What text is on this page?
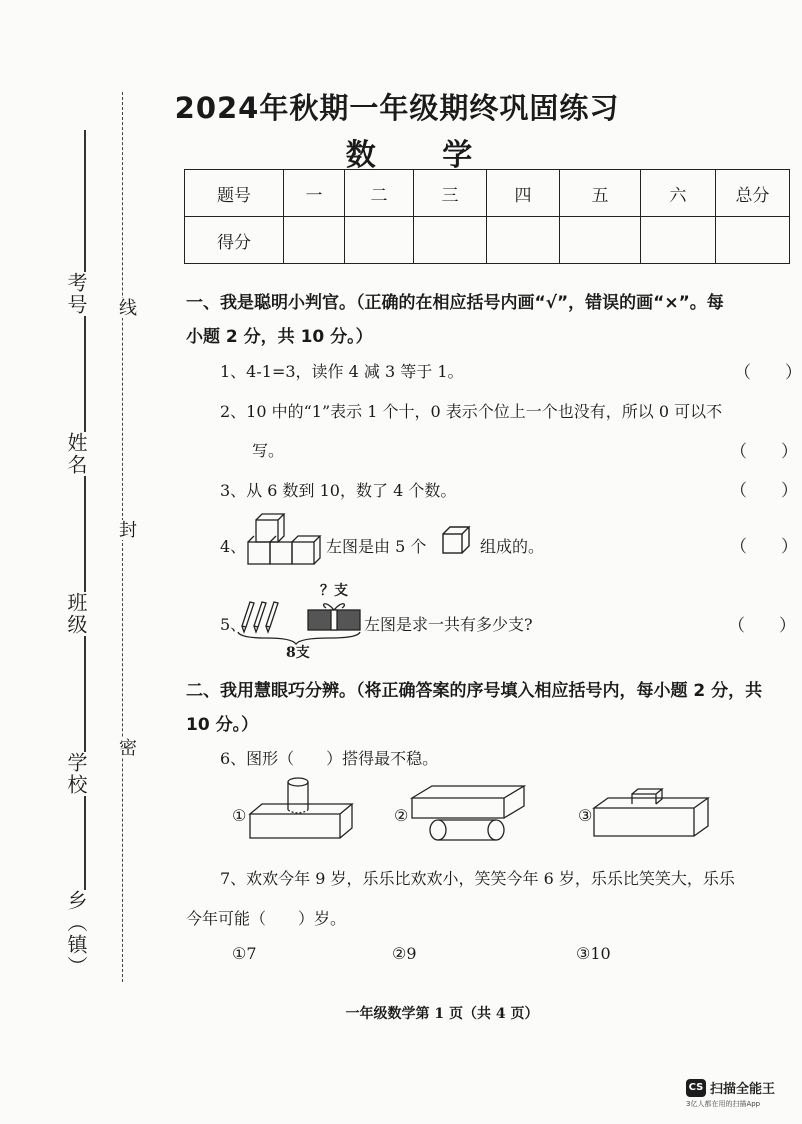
考号
姓名
班级
学校
乡（镇）
线
封
密
2024年秋期一年级期终巩固练习
数 学
题号	一	二	三	四	五	六	总分
得分							
一、我是聪明小判官。（正确的在相应括号内画“√”，错误的画“×”。每
小题 2 分，共 10 分。）
1、4-1=3，读作 4 减 3 等于 1。	（　　）
2、10 中的“1”表示 1 个十，0 表示个位上一个也没有，所以 0 可以不
写。	（　　）
3、从 6 数到 10，数了 4 个数。	（　　）
4、	左图是由 5 个	组成的。	（　　）
5、
？支
8支
左图是求一共有多少支?	（　　）
二、我用慧眼巧分辨。（将正确答案的序号填入相应括号内，每小题 2 分，共
10 分。）
6、图形（　　）搭得最不稳。
①	②	③
7、欢欢今年 9 岁，乐乐比欢欢小，笑笑今年 6 岁，乐乐比笑笑大，乐乐
今年可能（　　）岁。
①7	②9	③10
一年级数学第 1 页（共 4 页）
CS 扫描全能王
3亿人都在用的扫描App
